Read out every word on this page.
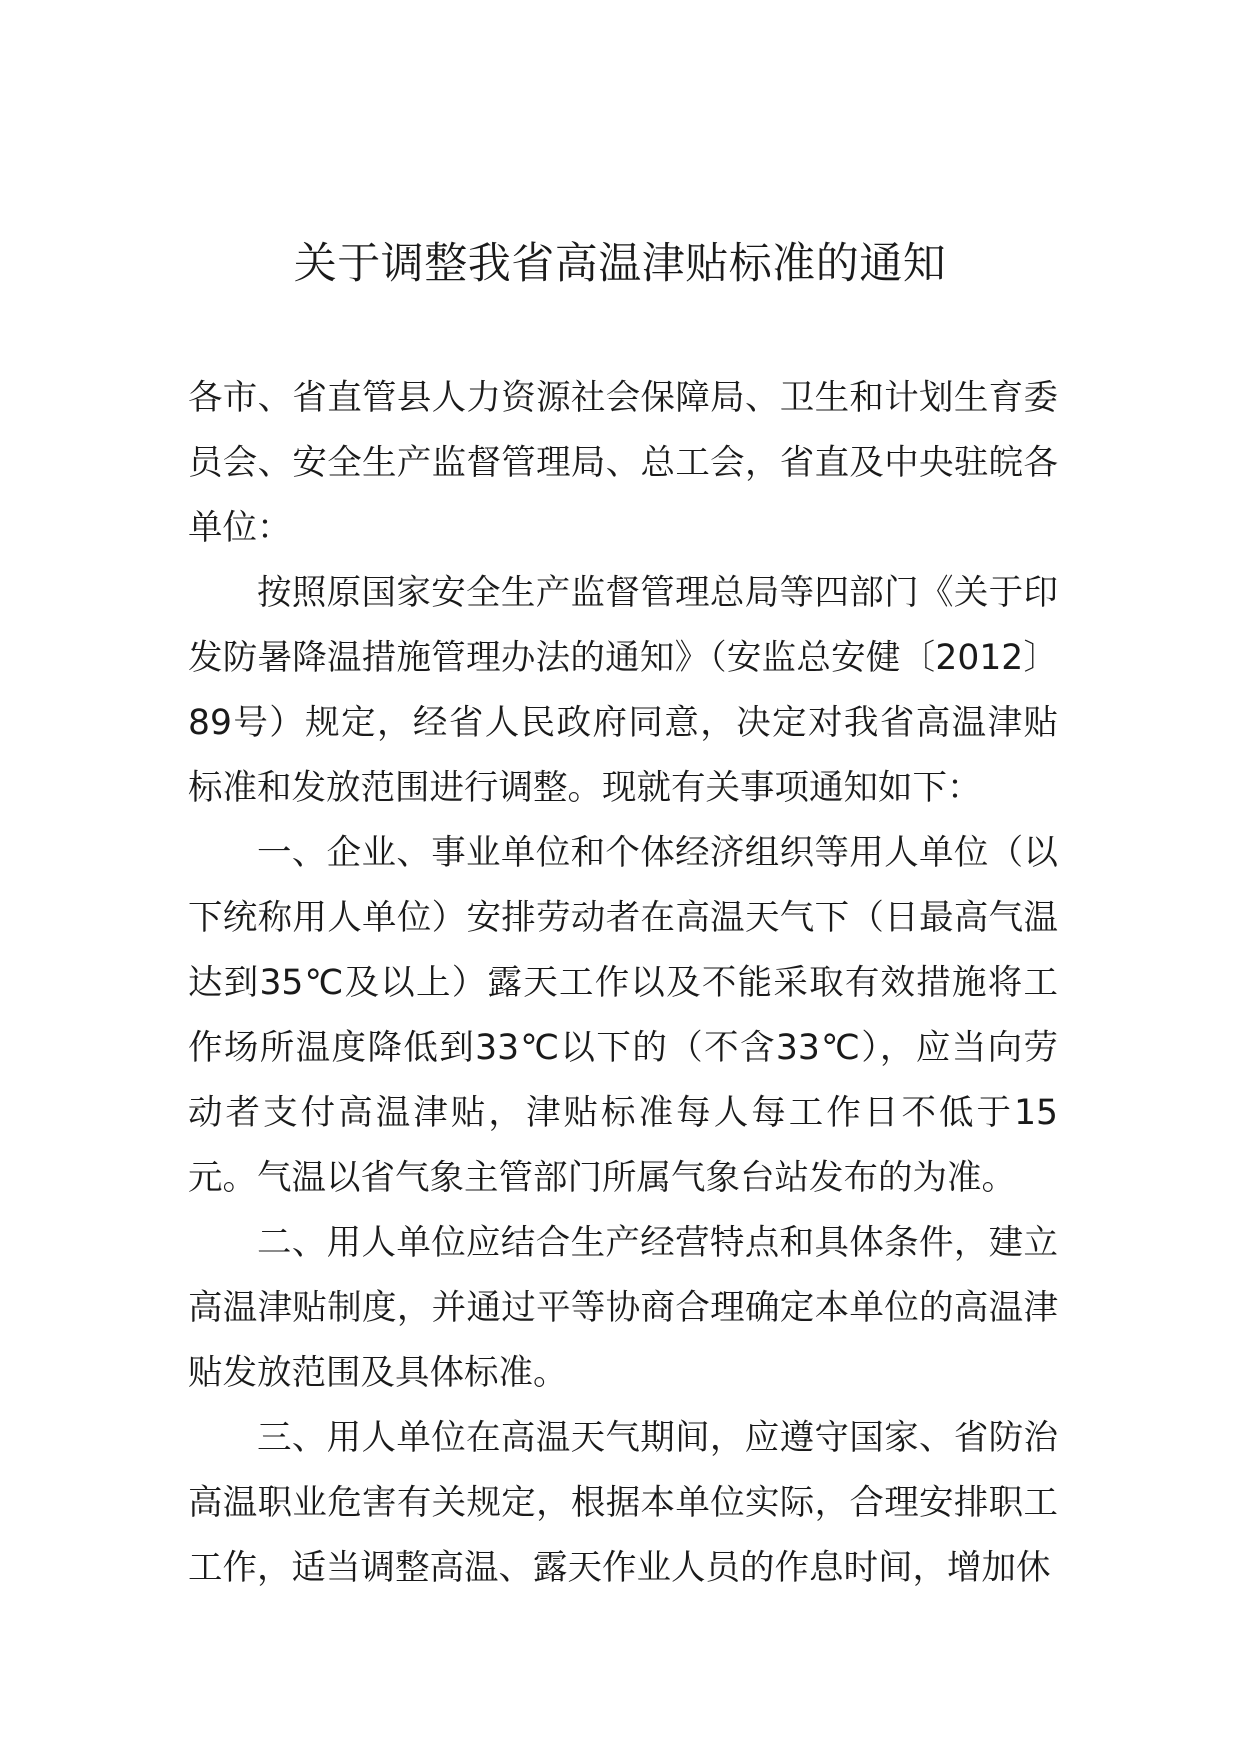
关于调整我省高温津贴标准的通知

各市、省直管县人力资源社会保障局、卫生和计划生育委员会、安全生产监督管理局、总工会，省直及中央驻皖各单位：

按照原国家安全生产监督管理总局等四部门《关于印发防暑降温措施管理办法的通知》（安监总安健〔2012〕89号）规定，经省人民政府同意，决定对我省高温津贴标准和发放范围进行调整。现就有关事项通知如下：

一、企业、事业单位和个体经济组织等用人单位（以下统称用人单位）安排劳动者在高温天气下（日最高气温达到35℃及以上）露天工作以及不能采取有效措施将工作场所温度降低到33℃以下的（不含33℃），应当向劳动者支付高温津贴，津贴标准每人每工作日不低于15元。气温以省气象主管部门所属气象台站发布的为准。

二、用人单位应结合生产经营特点和具体条件，建立高温津贴制度，并通过平等协商合理确定本单位的高温津贴发放范围及具体标准。

三、用人单位在高温天气期间，应遵守国家、省防治高温职业危害有关规定，根据本单位实际，合理安排职工工作，适当调整高温、露天作业人员的作息时间，增加休
